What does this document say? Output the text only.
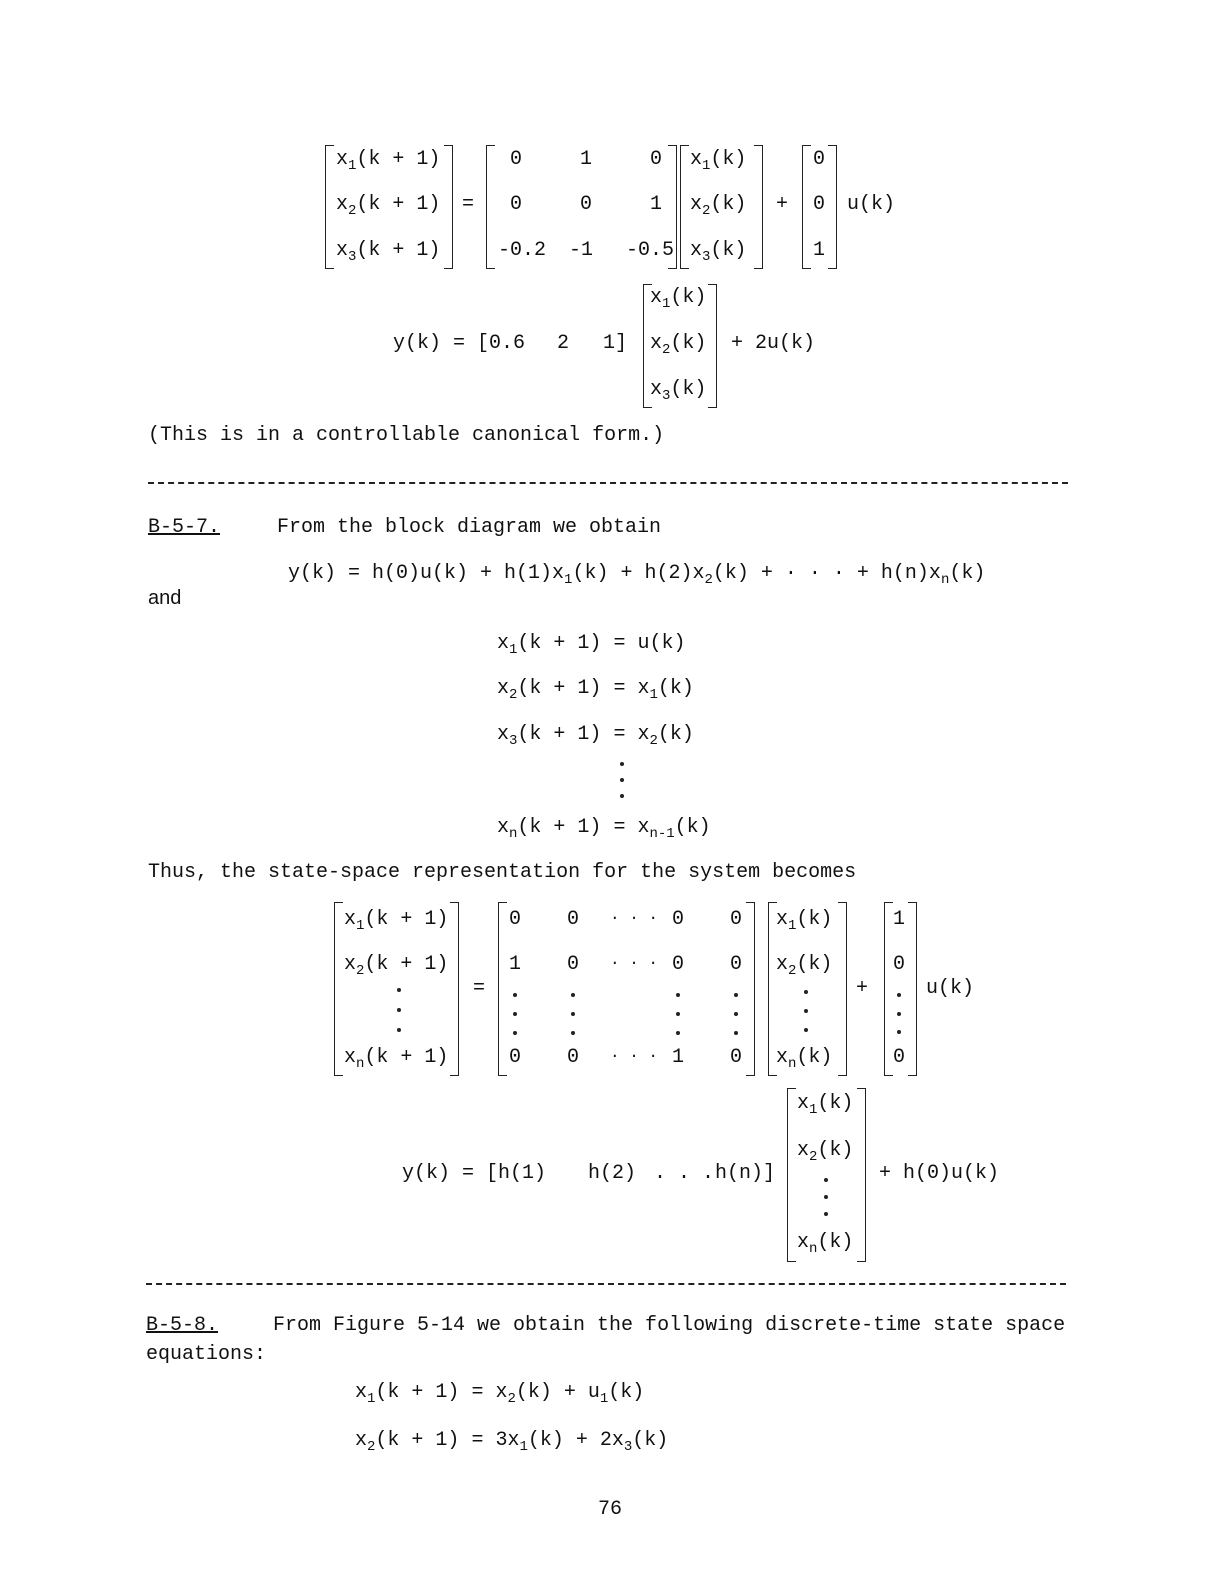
$x_1(k + 1)$
$x_2(k + 1)$
$x_3(k + 1)$
=
0	1	0
0	0	1
-0.2 -1 -0.5
$x_1(k)$
$x_2(k)$
$x_3(k)$
+
0
0
1
u(k)
y(k) = [0.6 2 1]
$x_1(k)$
$x_2(k)$
$x_3(k)$
+ 2u(k)
(This is in a controllable canonical form.)
B-5-7.	From the block diagram we obtain
$y(k) = h(0)u(k) + h(1)x_1(k) + h(2)x_2(k)$ + · · · + $h(n)x_n(k)$
and
$x_1(k + 1) = u(k)$
$x_2(k + 1) = x_1(k)$
$x_3(k + 1) = x_2(k)$
$x_n(k + 1) = x_{n-1}(k)$
Thus, the state-space representation for the system becomes
$x_1(k + 1)$
$x_2(k + 1)$
$x_n(k + 1)$
=
0 0 · · · 0 0
1 0 · · · 0 0
0 0 · · · 1 0
$x_1(k)$
$x_2(k)$
$x_n(k)$
+
1
0
0
u(k)
y(k) = [h(1) h(2) . . . h(n)]
$x_1(k)$
$x_2(k)$
$x_n(k)$
+ h(0)u(k)
B-5-8.	From Figure 5-14 we obtain the following discrete-time state space
equations:
$x_1(k + 1) = x_2(k) + u_1(k)$
$x_2(k + 1) = 3x_1(k) + 2x_3(k)$
76
